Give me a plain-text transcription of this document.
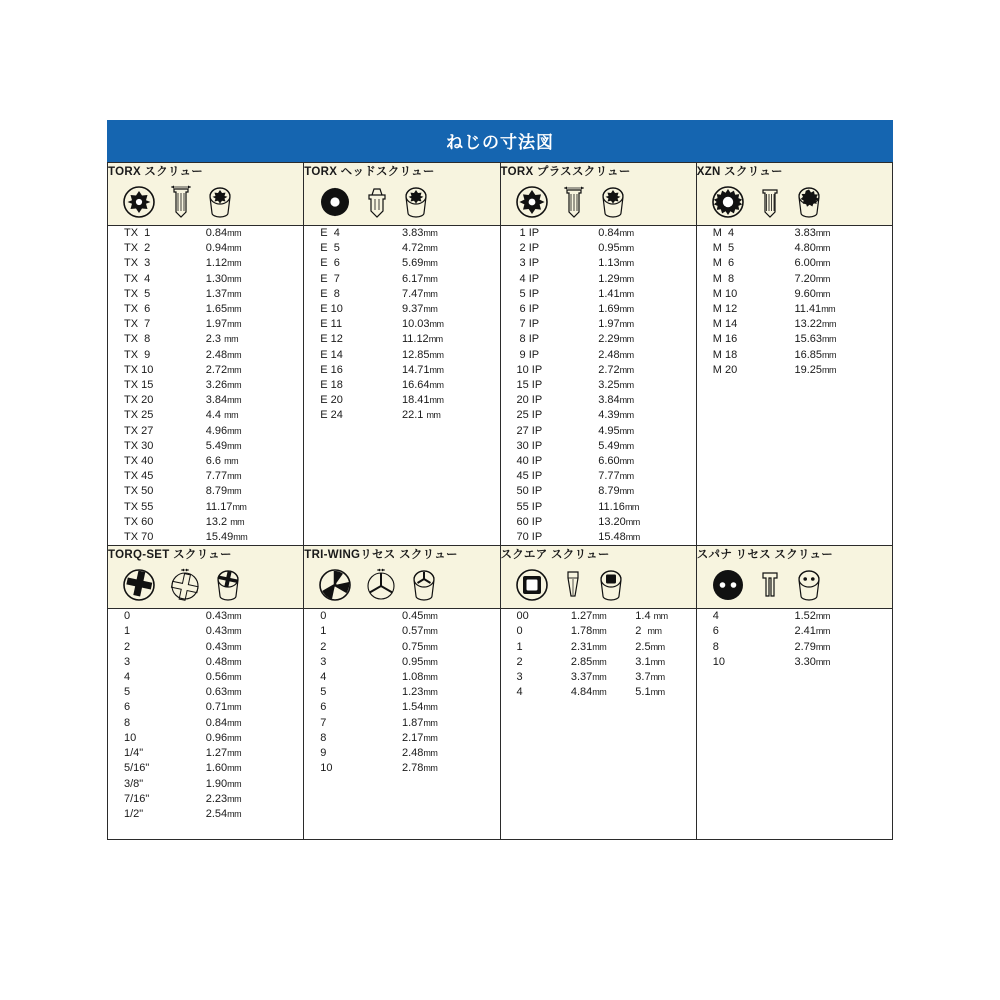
ねじの寸法図
TORX スクリュー	TORX ヘッドスクリュー	TORX プラススクリュー	XZN スクリュー

TX  1	0.84mm
TX  2	0.94mm
TX  3	1.12mm
TX  4	1.30mm
TX  5	1.37mm
TX  6	1.65mm
TX  7	1.97mm
TX  8	2.3 mm
TX  9	2.48mm
TX 10	2.72mm
TX 15	3.26mm
TX 20	3.84mm
TX 25	4.4 mm
TX 27	4.96mm
TX 30	5.49mm
TX 40	6.6 mm
TX 45	7.77mm
TX 50	8.79mm
TX 55	11.17mm
TX 60	13.2 mm
TX 70	15.49mm

E  4	3.83mm
E  5	4.72mm
E  6	5.69mm
E  7	6.17mm
E  8	7.47mm
E 10	9.37mm
E 11	10.03mm
E 12	11.12mm
E 14	12.85mm
E 16	14.71mm
E 18	16.64mm
E 20	18.41mm
E 24	22.1 mm

1 IP	0.84mm
2 IP	0.95mm
3 IP	1.13mm
4 IP	1.29mm
5 IP	1.41mm
6 IP	1.69mm
7 IP	1.97mm
8 IP	2.29mm
9 IP	2.48mm
10 IP	2.72mm
15 IP	3.25mm
20 IP	3.84mm
25 IP	4.39mm
27 IP	4.95mm
30 IP	5.49mm
40 IP	6.60mm
45 IP	7.77mm
50 IP	8.79mm
55 IP	11.16mm
60 IP	13.20mm
70 IP	15.48mm

M  4	3.83mm
M  5	4.80mm
M  6	6.00mm
M  8	7.20mm
M 10	9.60mm
M 12	11.41mm
M 14	13.22mm
M 16	15.63mm
M 18	16.85mm
M 20	19.25mm

TORQ-SET スクリュー	TRI-WINGリセス スクリュー	スクエア スクリュー	スパナ リセス スクリュー

0	0.43mm
1	0.43mm
2	0.43mm
3	0.48mm
4	0.56mm
5	0.63mm
6	0.71mm
8	0.84mm
10	0.96mm
1/4"	1.27mm
5/16"	1.60mm
3/8"	1.90mm
7/16"	2.23mm
1/2"	2.54mm

0	0.45mm
1	0.57mm
2	0.75mm
3	0.95mm
4	1.08mm
5	1.23mm
6	1.54mm
7	1.87mm
8	2.17mm
9	2.48mm
10	2.78mm

00	1.27mm	1.4 mm
0	1.78mm	2  mm
1	2.31mm	2.5mm
2	2.85mm	3.1mm
3	3.37mm	3.7mm
4	4.84mm	5.1mm

4	1.52mm
6	2.41mm
8	2.79mm
10	3.30mm
